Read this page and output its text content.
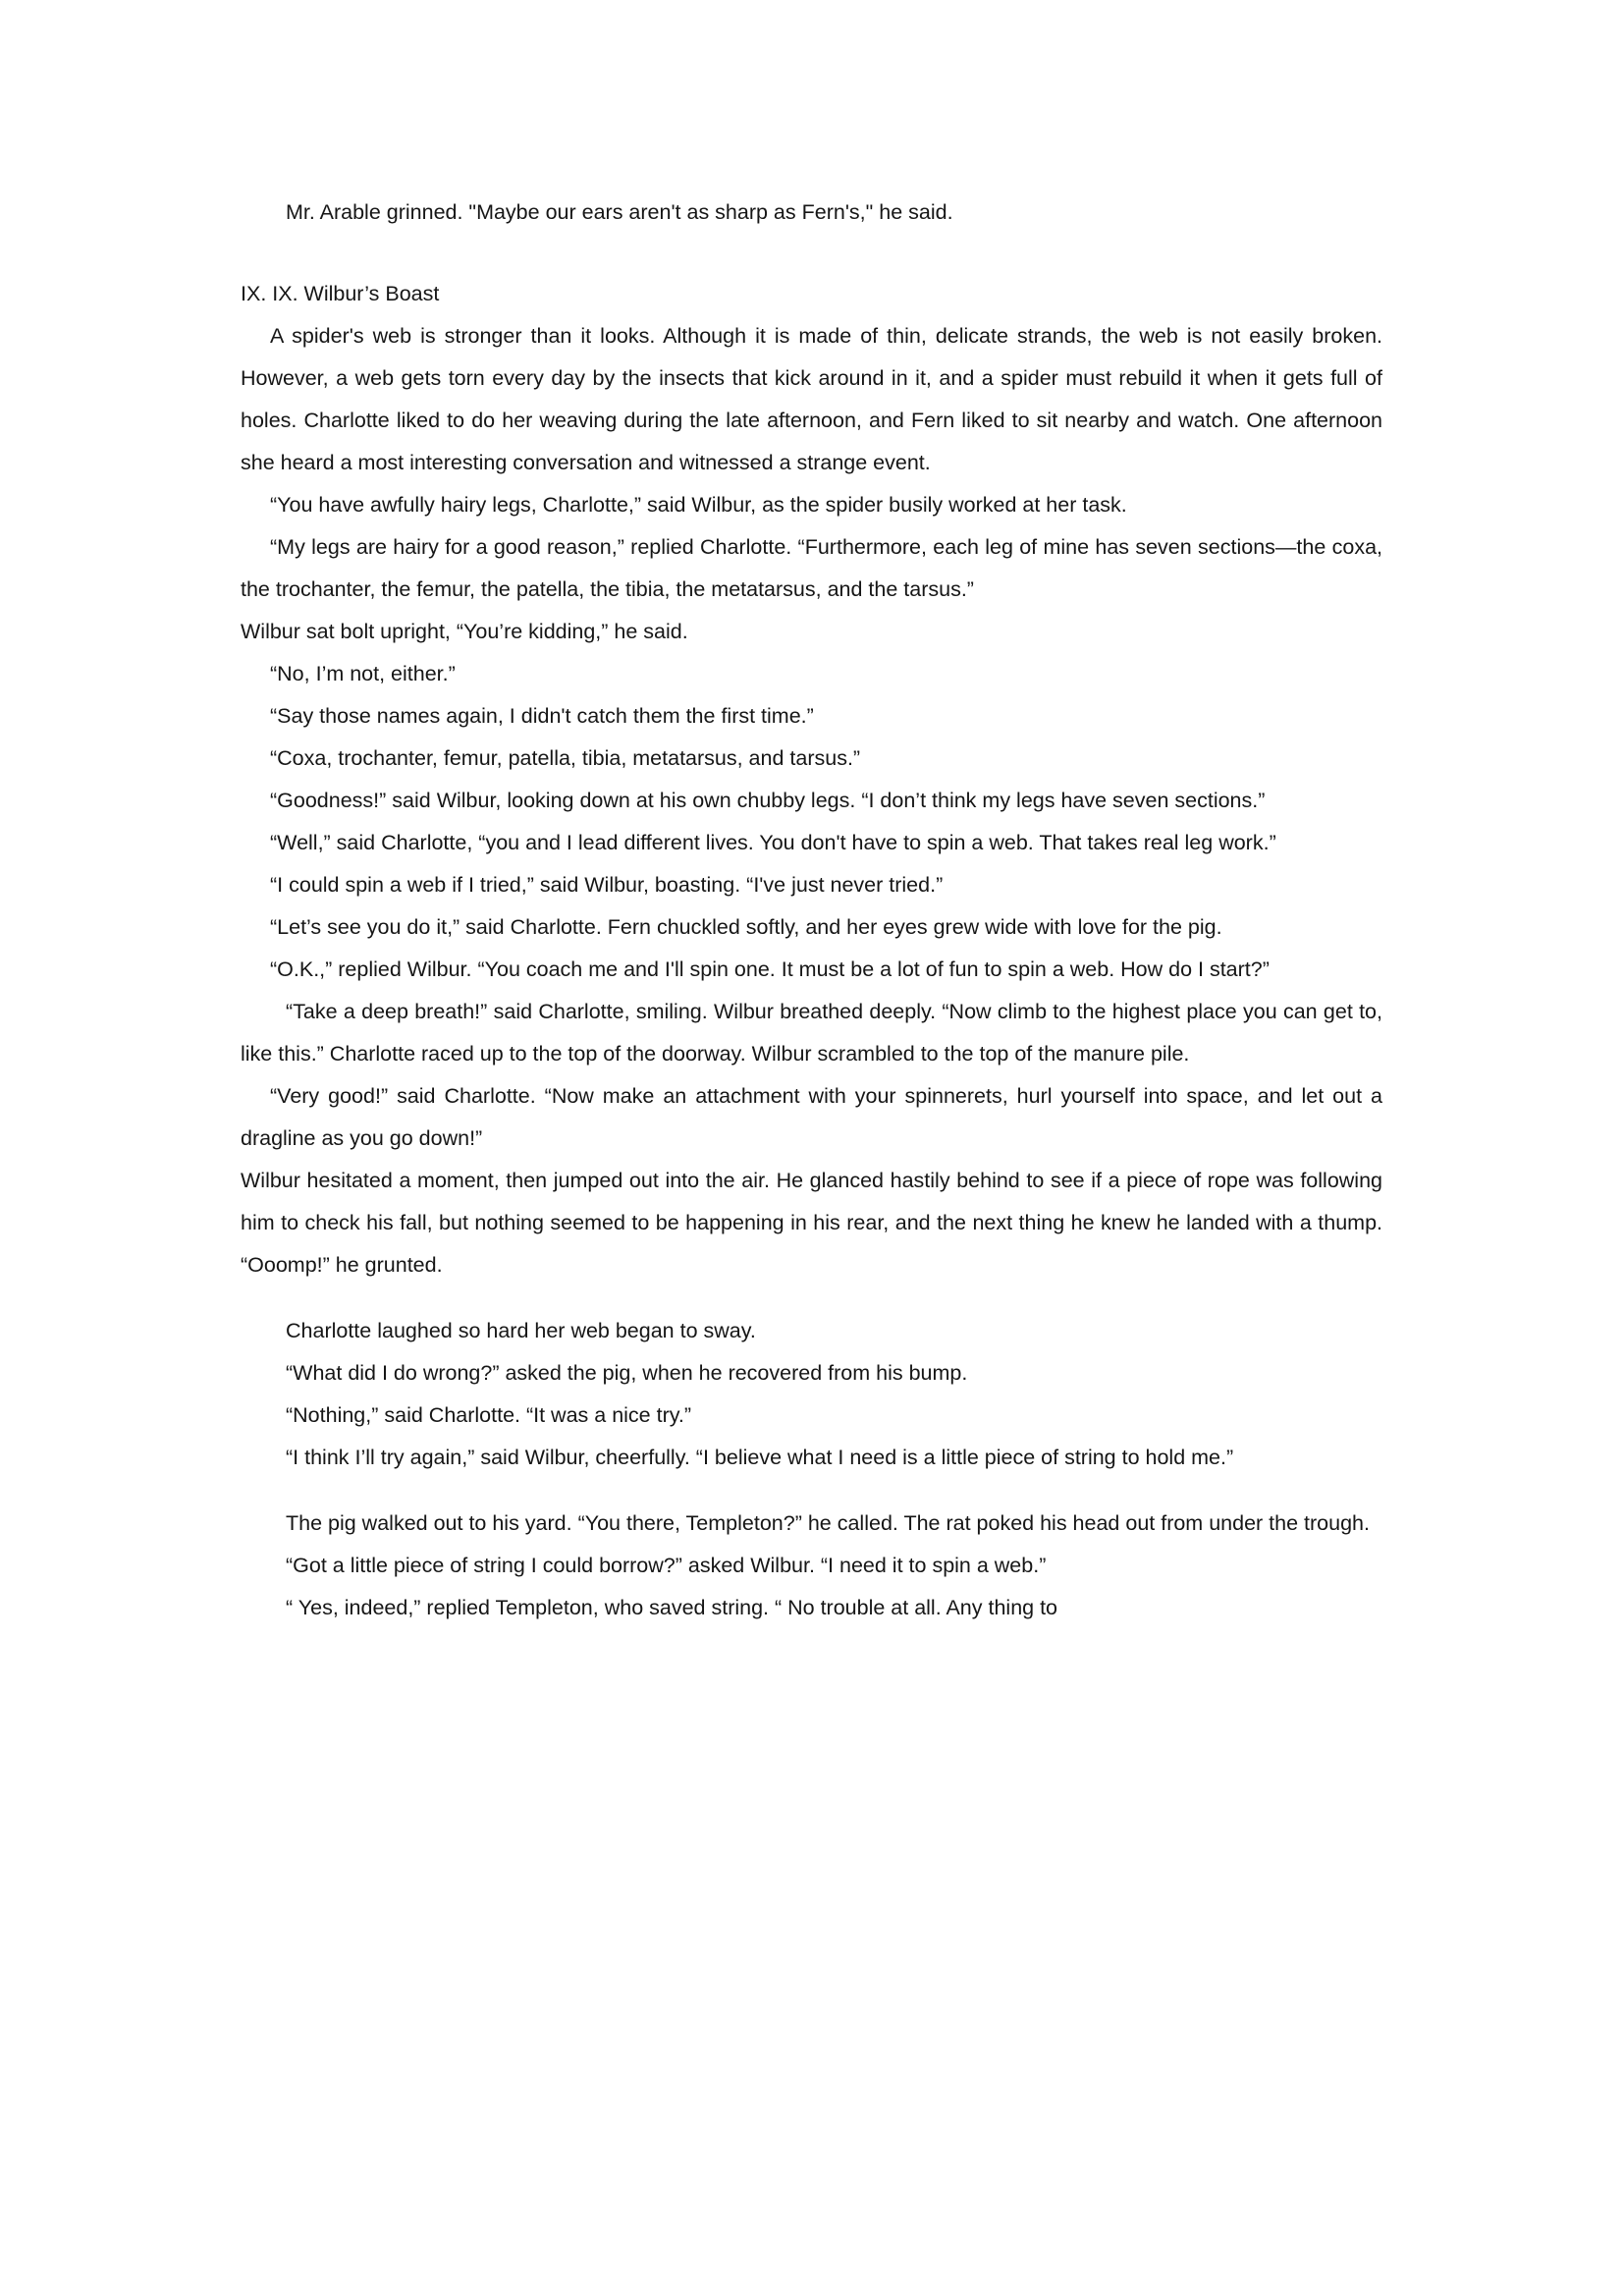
Mr. Arable grinned. "Maybe our ears aren't as sharp as Fern's," he said.

IX. IX. Wilbur’s Boast

A spider's web is stronger than it looks. Although it is made of thin, delicate strands, the web is not easily broken. However, a web gets torn every day by the insects that kick around in it, and a spider must rebuild it when it gets full of holes. Charlotte liked to do her weaving during the late afternoon, and Fern liked to sit nearby and watch. One afternoon she heard a most interesting conversation and witnessed a strange event.

“You have awfully hairy legs, Charlotte,” said Wilbur, as the spider busily worked at her task.

“My legs are hairy for a good reason,” replied Charlotte. “Furthermore, each leg of mine has seven sections—the coxa, the trochanter, the femur, the patella, the tibia, the metatarsus, and the tarsus.”

Wilbur sat bolt upright, “You’re kidding,” he said.

“No, I’m not, either.”

“Say those names again, I didn't catch them the first time.”

“Coxa, trochanter, femur, patella, tibia, metatarsus, and tarsus.”

“Goodness!” said Wilbur, looking down at his own chubby legs. “I don’t think my legs have seven sections.”

“Well,” said Charlotte, “you and I lead different lives. You don't have to spin a web. That takes real leg work.”

“I could spin a web if I tried,” said Wilbur, boasting. “I've just never tried.”

“Let’s see you do it,” said Charlotte. Fern chuckled softly, and her eyes grew wide with love for the pig.

“O.K.,” replied Wilbur. “You coach me and I'll spin one. It must be a lot of fun to spin a web. How do I start?”

“Take a deep breath!” said Charlotte, smiling. Wilbur breathed deeply. “Now climb to the highest place you can get to, like this.” Charlotte raced up to the top of the doorway. Wilbur scrambled to the top of the manure pile.

“Very good!” said Charlotte. “Now make an attachment with your spinnerets, hurl yourself into space, and let out a dragline as you go down!”

Wilbur hesitated a moment, then jumped out into the air. He glanced hastily behind to see if a piece of rope was following him to check his fall, but nothing seemed to be happening in his rear, and the next thing he knew he landed with a thump. “Ooomp!” he grunted.

Charlotte laughed so hard her web began to sway.

“What did I do wrong?” asked the pig, when he recovered from his bump.

“Nothing,” said Charlotte. “It was a nice try.”

“I think I’ll try again,” said Wilbur, cheerfully. “I believe what I need is a little piece of string to hold me.”

The pig walked out to his yard. “You there, Templeton?” he called. The rat poked his head out from under the trough.

“Got a little piece of string I could borrow?” asked Wilbur. “I need it to spin a web.”

“ Yes, indeed,” replied Templeton, who saved string. “ No trouble at all. Any thing to
